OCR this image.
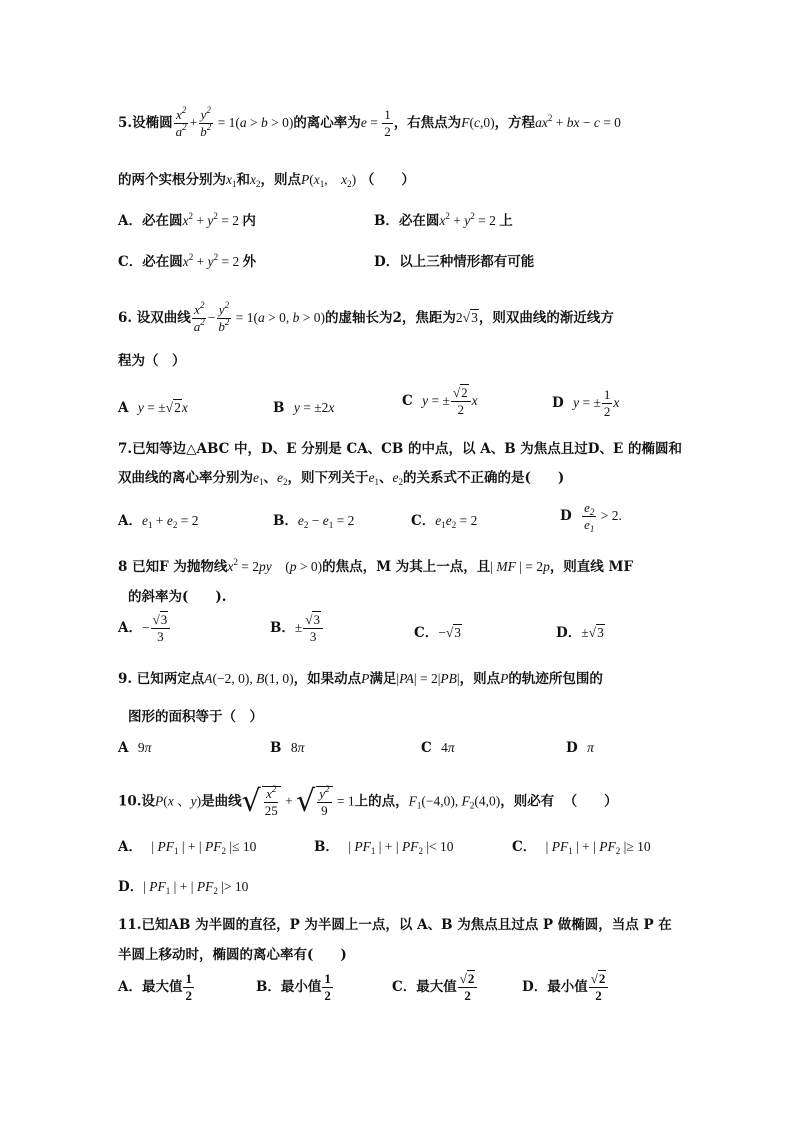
5.设椭圆 $\frac{x^2}{a^2} + \frac{y^2}{b^2} = 1(a > b > 0)$的离心率为$e = \frac{1}{2}$ ，右焦点为F(c,0)，方程$ax^2$ + bx − c = 0
的两个实根分别为$x_1$和$x_2$，则点$P(x_1$,　$x_2$) （　　）
A．必在圆$x^2 + y^2 = 2$ 内	B．必在圆$x^2 + y^2 = 2$ 上
C．必在圆$x^2 + y^2 = 2$ 外	D．以上三种情形都有可能
6. 设双曲线 $\frac{x^2}{a^2} - \frac{y^2}{b^2} = 1(a > 0$, b > 0)的虚轴长为2，焦距为2√3，则双曲线的渐近线方
程为（　）
A y = ±√2x	B y = ±2x	C y = ± $\frac{√2}{2}$ x	D y = ± $\frac{1}{2}$ x
7.已知等边△ABC 中，D、E 分别是 CA、CB 的中点，以 A、B 为焦点且过D、E 的椭圆和
双曲线的离心率分别为$e_1$、$e_2$，则下列关于$e_1$、$e_2$的关系式不正确的是(　　)
A．$e_1 + e_2 = 2$	B．$e_2 - e_1 = 2$	C．$e_1e_2 = 2$	D $\frac{e_2}{e_1} > 2$.
8 已知F 为抛物线$x^2 = 2py$　(p > 0)的焦点，M 为其上一点，且| MF | = 2p，则直线 MF
的斜率为(　　).
A．− $\frac{√3}{3}$	B．± $\frac{√3}{3}$	C．−√3	D．±√3
9. 已知两定点A(−2, 0), B(1, 0)，如果动点P满足|PA| = 2|PB|，则点P的轨迹所包围的
图形的面积等于（　）
A 9π	B 8π	C 4π	D π
10.设P(x 、y)是曲线√ $\frac{x^2}{25}$ + √ $\frac{y^2}{9} = 1$上的点，$F_1(-4,0)$, $F_2(4,0)$，则必有 （　　）
A． | $PF_1$ | + | $PF_2$ |≤ 10	B． | $PF_1$ | + | $PF_2$ |< 10	C． | $PF_1$ | + | $PF_2$ |≥ 10
D．| $PF_1$ | + | $PF_2$ |> 10
11.已知AB 为半圆的直径，P 为半圆上一点，以 A、B 为焦点且过点 P 做椭圆，当点 P 在
半圆上移动时，椭圆的离心率有(　　)
A．最大值 $\frac{1}{2}$	B．最小值 $\frac{1}{2}$	C．最大值 $\frac{√2}{2}$	D．最小值 $\frac{√2}{2}$
